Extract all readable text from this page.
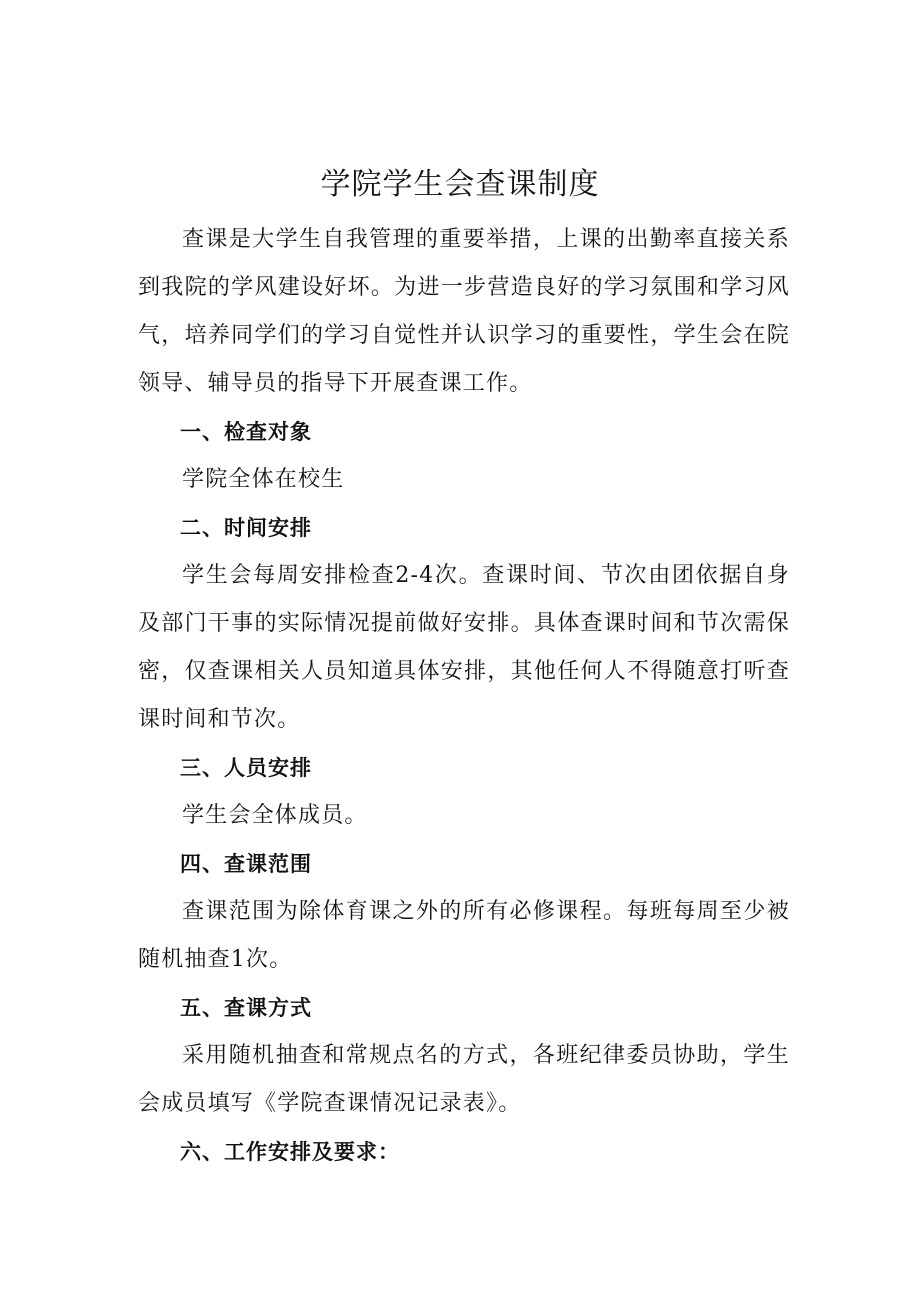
学院学生会查课制度

查课是大学生自我管理的重要举措，上课的出勤率直接关系到我院的学风建设好坏。为进一步营造良好的学习氛围和学习风气，培养同学们的学习自觉性并认识学习的重要性，学生会在院领导、辅导员的指导下开展查课工作。

一、检查对象

学院全体在校生

二、时间安排

学生会每周安排检查2-4次。查课时间、节次由团依据自身及部门干事的实际情况提前做好安排。具体查课时间和节次需保密，仅查课相关人员知道具体安排，其他任何人不得随意打听查课时间和节次。

三、人员安排

学生会全体成员。

四、查课范围

查课范围为除体育课之外的所有必修课程。每班每周至少被随机抽查1次。

五、查课方式

采用随机抽查和常规点名的方式，各班纪律委员协助，学生会成员填写《学院查课情况记录表》。

六、工作安排及要求：
